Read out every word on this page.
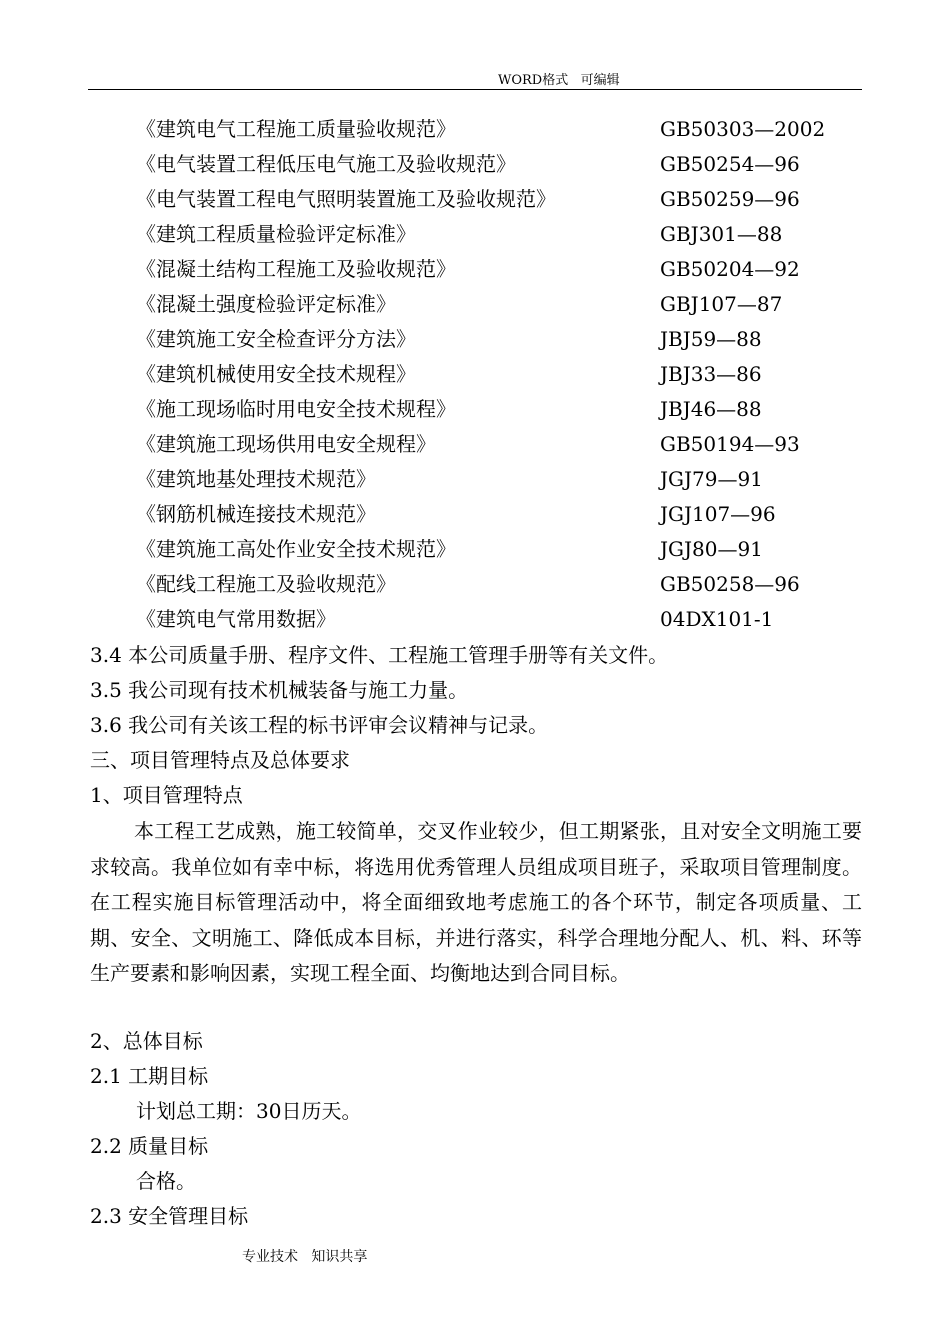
WORD格式   可编辑
《建筑电气工程施工质量验收规范》	GB50303—2002
《电气装置工程低压电气施工及验收规范》	GB50254—96
《电气装置工程电气照明装置施工及验收规范》	GB50259—96
《建筑工程质量检验评定标准》	GBJ301—88
《混凝土结构工程施工及验收规范》	GB50204—92
《混凝土强度检验评定标准》	GBJ107—87
《建筑施工安全检查评分方法》	JBJ59—88
《建筑机械使用安全技术规程》	JBJ33—86
《施工现场临时用电安全技术规程》	JBJ46—88
《建筑施工现场供用电安全规程》	GB50194—93
《建筑地基处理技术规范》	JGJ79—91
《钢筋机械连接技术规范》	JGJ107—96
《建筑施工高处作业安全技术规范》	JGJ80—91
《配线工程施工及验收规范》	GB50258—96
《建筑电气常用数据》	04DX101-1
3.4 本公司质量手册、程序文件、工程施工管理手册等有关文件。
3.5 我公司现有技术机械装备与施工力量。
3.6 我公司有关该工程的标书评审会议精神与记录。
三、项目管理特点及总体要求
1、项目管理特点

本工程工艺成熟，施工较简单，交叉作业较少，但工期紧张，且对安全文明施工要求较高。我单位如有幸中标，将选用优秀管理人员组成项目班子，采取项目管理制度。在工程实施目标管理活动中，将全面细致地考虑施工的各个环节，制定各项质量、工期、安全、文明施工、降低成本目标，并进行落实，科学合理地分配人、机、料、环等生产要素和影响因素，实现工程全面、均衡地达到合同目标。

2、总体目标
2.1 工期目标
计划总工期：30日历天。
2.2 质量目标
合格。
2.3 安全管理目标
专业技术   知识共享
